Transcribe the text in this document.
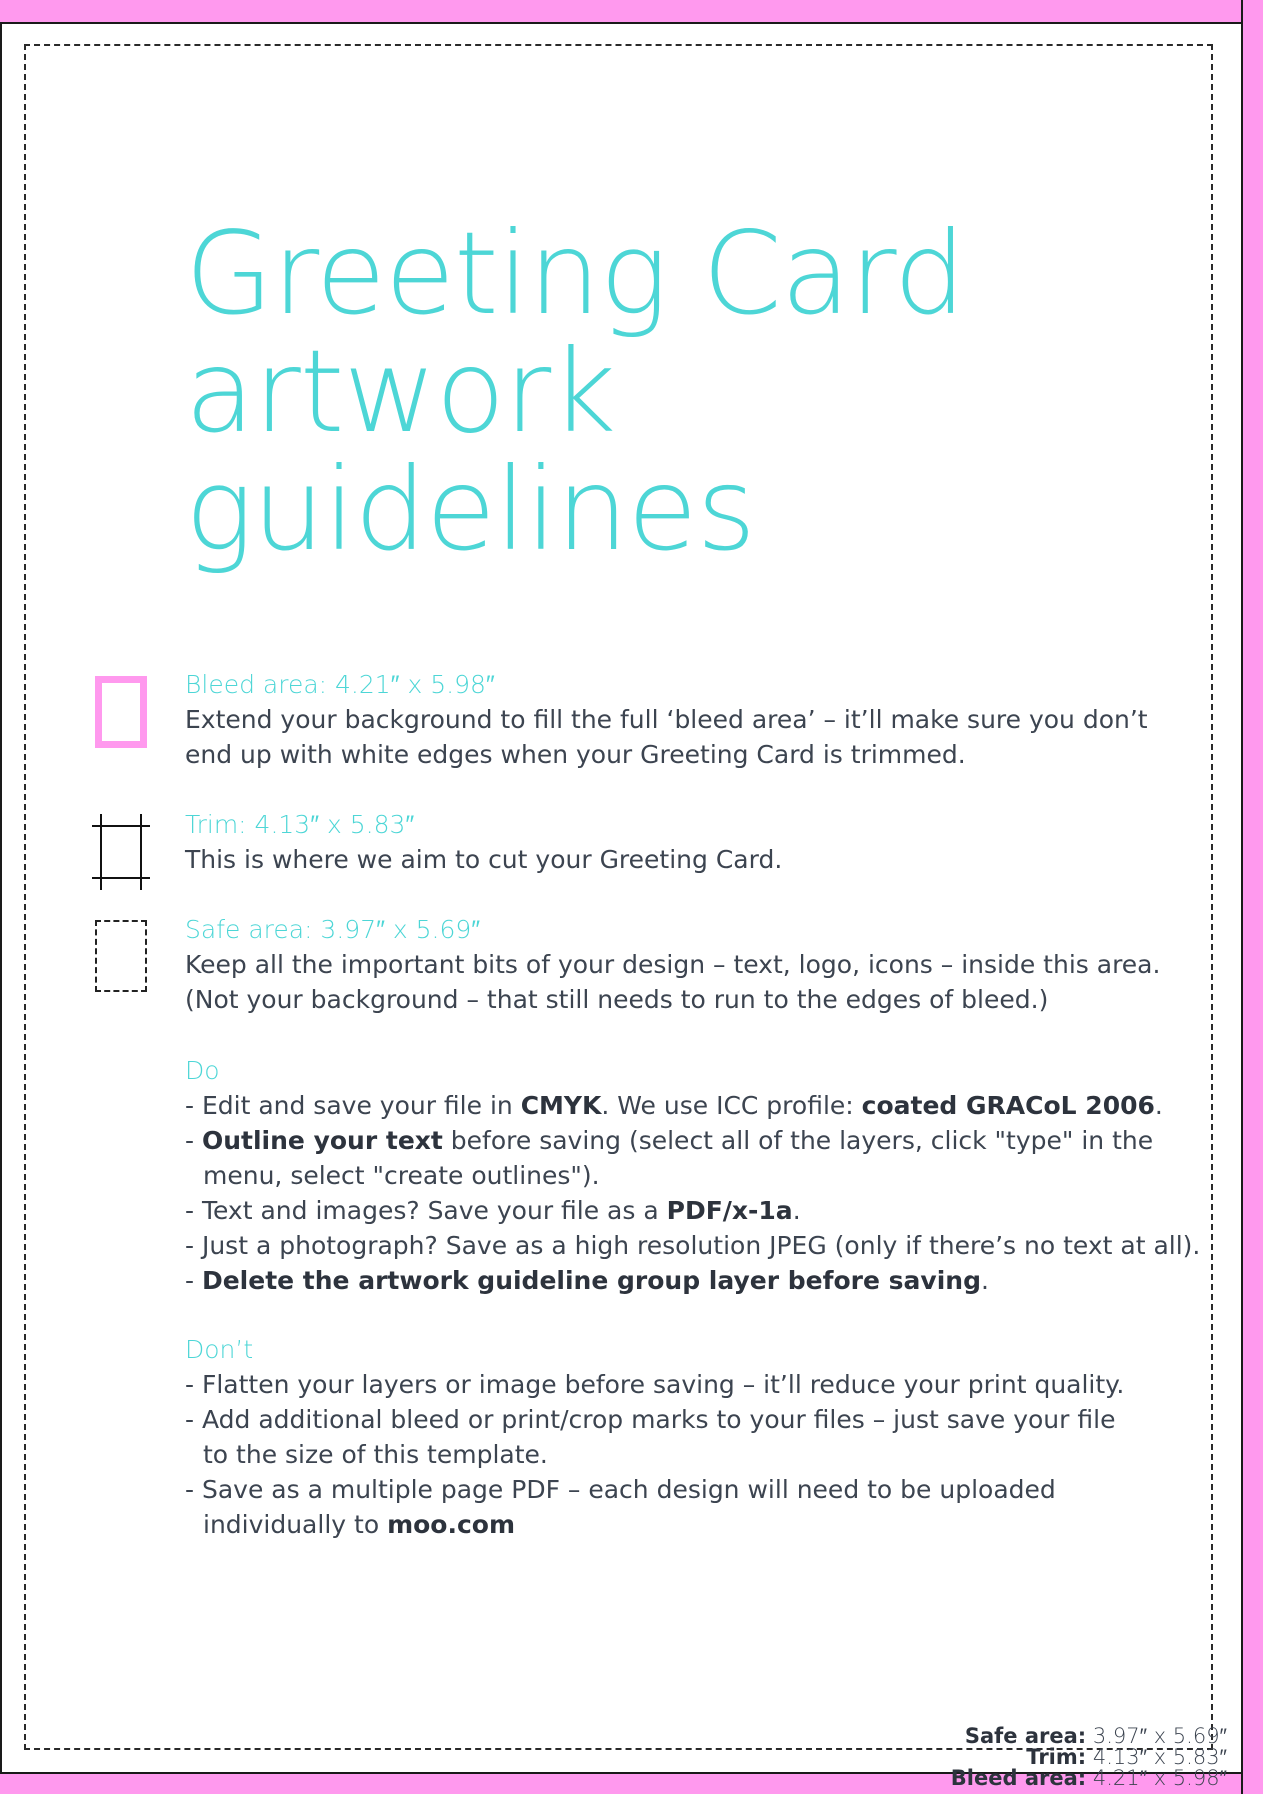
Greeting Card
artwork
guidelines
Bleed area: 4.21″ x 5.98″
Extend your background to fill the full ‘bleed area’ – it’ll make sure you don’t
end up with white edges when your Greeting Card is trimmed.
Trim: 4.13″ x 5.83″
This is where we aim to cut your Greeting Card.
Safe area: 3.97″ x 5.69″
Keep all the important bits of your design – text, logo, icons – inside this area.
(Not your background – that still needs to run to the edges of bleed.)
Do
- Edit and save your file in CMYK. We use ICC profile: coated GRACoL 2006.
- Outline your text before saving (select all of the layers, click "type" in the
menu, select "create outlines").
- Text and images? Save your file as a PDF/x-1a.
- Just a photograph? Save as a high resolution JPEG (only if there’s no text at all).
- Delete the artwork guideline group layer before saving.
Don’t
- Flatten your layers or image before saving – it’ll reduce your print quality.
- Add additional bleed or print/crop marks to your files – just save your file
to the size of this template.
- Save as a multiple page PDF – each design will need to be uploaded
individually to moo.com
Safe area: 3.97″ x 5.69″
Trim: 4.13″ x 5.83″
Bleed area: 4.21″ x 5.98″
